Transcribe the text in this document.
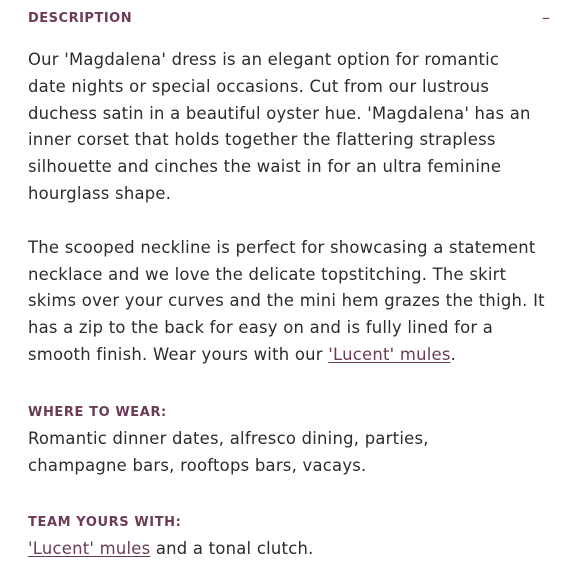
DESCRIPTION	–

Our 'Magdalena' dress is an elegant option for romantic date nights or special occasions. Cut from our lustrous duchess satin in a beautiful oyster hue. 'Magdalena' has an inner corset that holds together the flattering strapless silhouette and cinches the waist in for an ultra feminine hourglass shape.

The scooped neckline is perfect for showcasing a statement necklace and we love the delicate topstitching. The skirt skims over your curves and the mini hem grazes the thigh. It has a zip to the back for easy on and is fully lined for a smooth finish. Wear yours with our 'Lucent' mules.

WHERE TO WEAR:

Romantic dinner dates, alfresco dining, parties, champagne bars, rooftops bars, vacays.

TEAM YOURS WITH:

'Lucent' mules and a tonal clutch.
